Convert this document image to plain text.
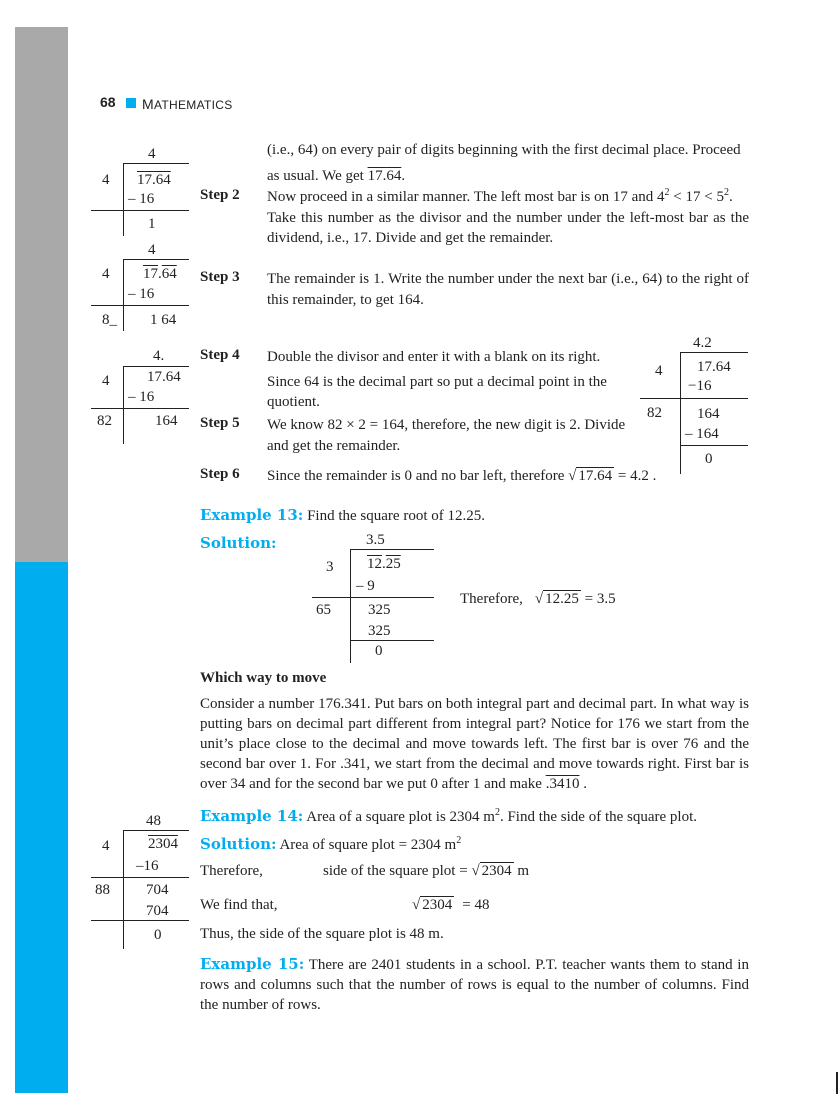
68 MATHEMATICS
4
4 17.64
– 16
1
4
4 17.64
– 16
8_ 1 64
4.
4	17.64
– 16
82	164
(i.e., 64) on every pair of digits beginning with the first decimal place. Proceed
as usual. We get 17.64.
Step 2 Now proceed in a similar manner. The left most bar is on 17 and $4^2 < 17 < 5^2$.
Take this number as the divisor and the number under the left-most bar as the dividend, i.e., 17. Divide and get the remainder.
Step 3 The remainder is 1. Write the number under the next bar (i.e., 64) to the right of this remainder, to get 164.
Step 4 Double the divisor and enter it with a blank on its right.
Since 64 is the decimal part so put a decimal point in the quotient.
Step 5 We know 82 × 2 = 164, therefore, the new digit is 2. Divide and get the remainder.
4.2
4 17.64
−16
82 164
– 164
0
Step 6 Since the remainder is 0 and no bar left, therefore √ 17.64 = 4.2 .
Example 13: Find the square root of 12.25.
Solution:	3.5
3 12.25
– 9
65 325
325
0
Therefore, √ 12.25 = 3.5
Which way to move
Consider a number 176.341. Put bars on both integral part and decimal part. In what way is putting bars on decimal part different from integral part? Notice for 176 we start from the unit’s place close to the decimal and move towards left. The first bar is over 76 and the second bar over 1. For .341, we start from the decimal and move towards right. First bar is over 34 and for the second bar we put 0 after 1 and make .3410 .
Example 14: Area of a square plot is 2304 $m^2$. Find the side of the square plot.
Solution: Area of square plot = 2304 $m^2$
Therefore,	side of the square plot = √ 2304 m
We find that,	√ 2304 = 48
Thus, the side of the square plot is 48 m.
48
4	2304
–16
88 704
704
0
Example 15: There are 2401 students in a school. P.T. teacher wants them to stand in rows and columns such that the number of rows is equal to the number of columns. Find the number of rows.
